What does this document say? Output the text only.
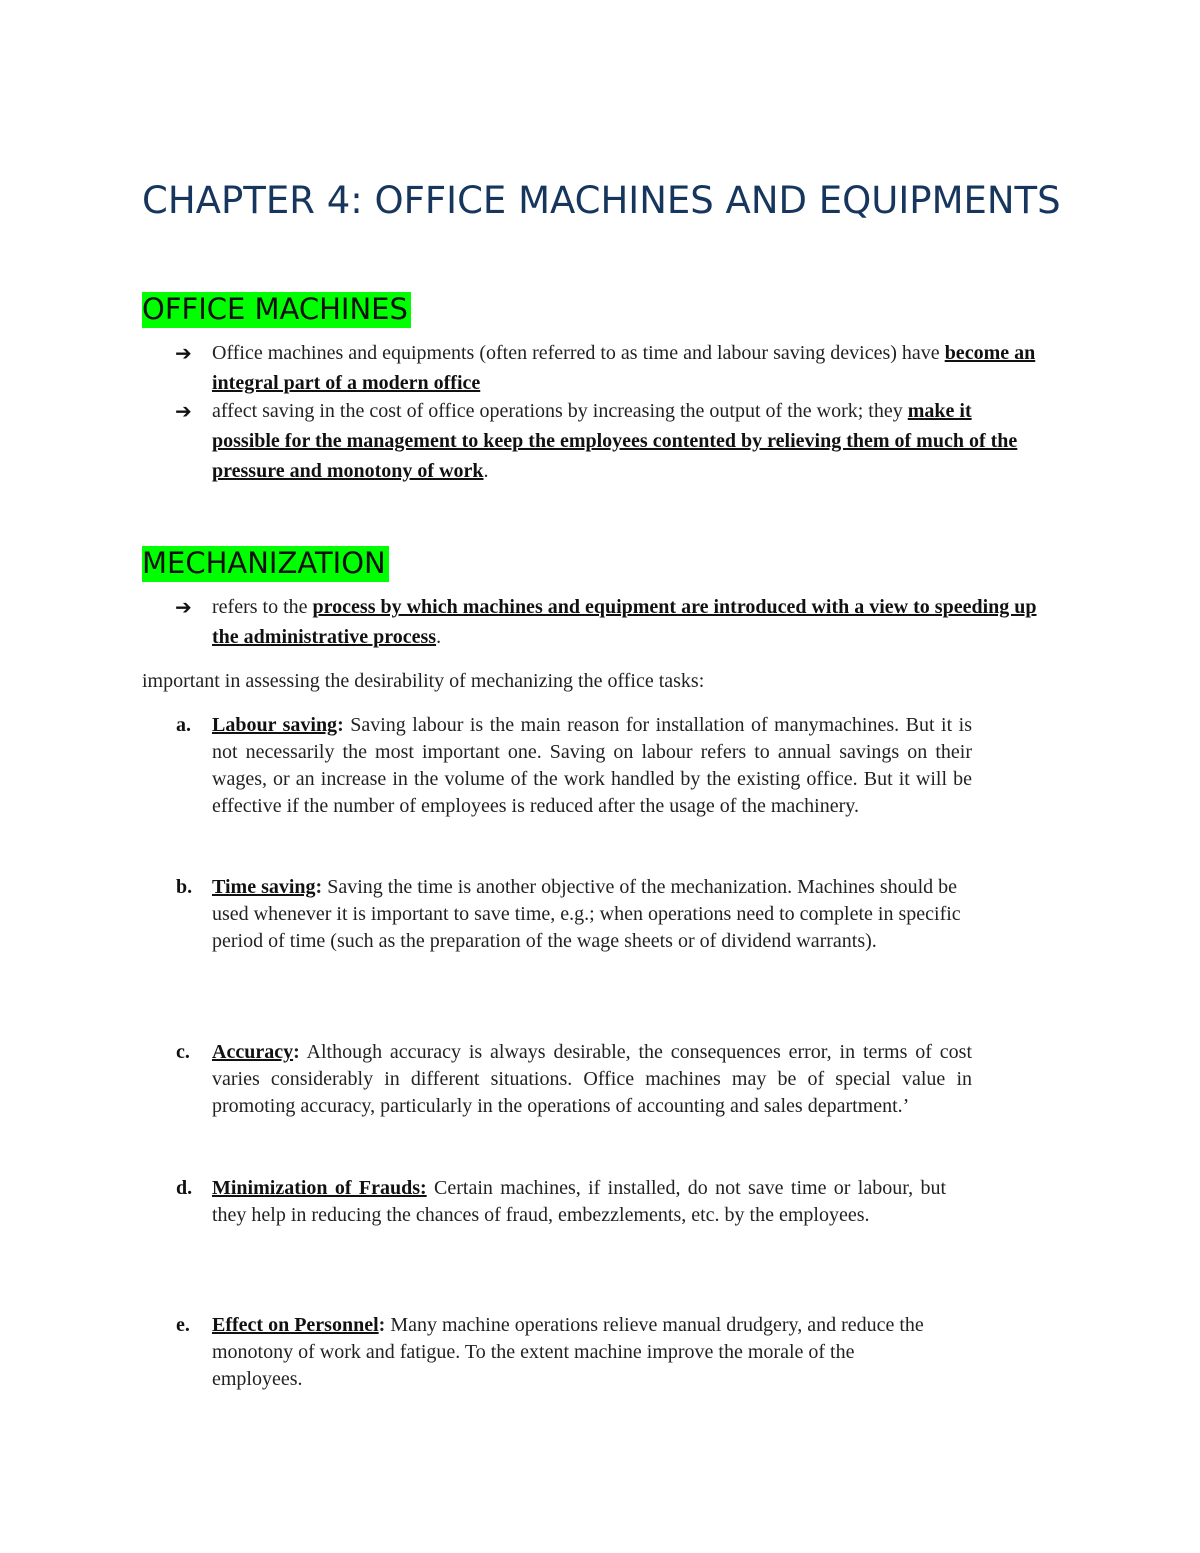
CHAPTER 4: OFFICE MACHINES AND EQUIPMENTS
OFFICE MACHINES
➔	Office machines and equipments (often referred to as time and labour saving devices) have become an integral part of a modern office
➔	affect saving in the cost of office operations by increasing the output of the work; they make it possible for the management to keep the employees contented by relieving them of much of the pressure and monotony of work.
MECHANIZATION
➔	refers to the process by which machines and equipment are introduced with a view to speeding up the administrative process.
important in assessing the desirability of mechanizing the office tasks:
a. Labour saving: Saving labour is the main reason for installation of manymachines. But it is not necessarily the most important one. Saving on labour refers to annual savings on their wages, or an increase in the volume of the work handled by the existing office. But it will be effective if the number of employees is reduced after the usage of the machinery.
b. Time saving: Saving the time is another objective of the mechanization. Machines should be used whenever it is important to save time, e.g.; when operations need to complete in specific period of time (such as the preparation of the wage sheets or of dividend warrants).
c. Accuracy: Although accuracy is always desirable, the consequences error, in terms of cost varies considerably in different situations. Office machines may be of special value in promoting accuracy, particularly in the operations of accounting and sales department.’
d. Minimization of Frauds: Certain machines, if installed, do not save time or labour, but they help in reducing the chances of fraud, embezzlements, etc. by the employees.
e. Effect on Personnel: Many machine operations relieve manual drudgery, and reduce the monotony of work and fatigue. To the extent machine improve the morale of the employees.
